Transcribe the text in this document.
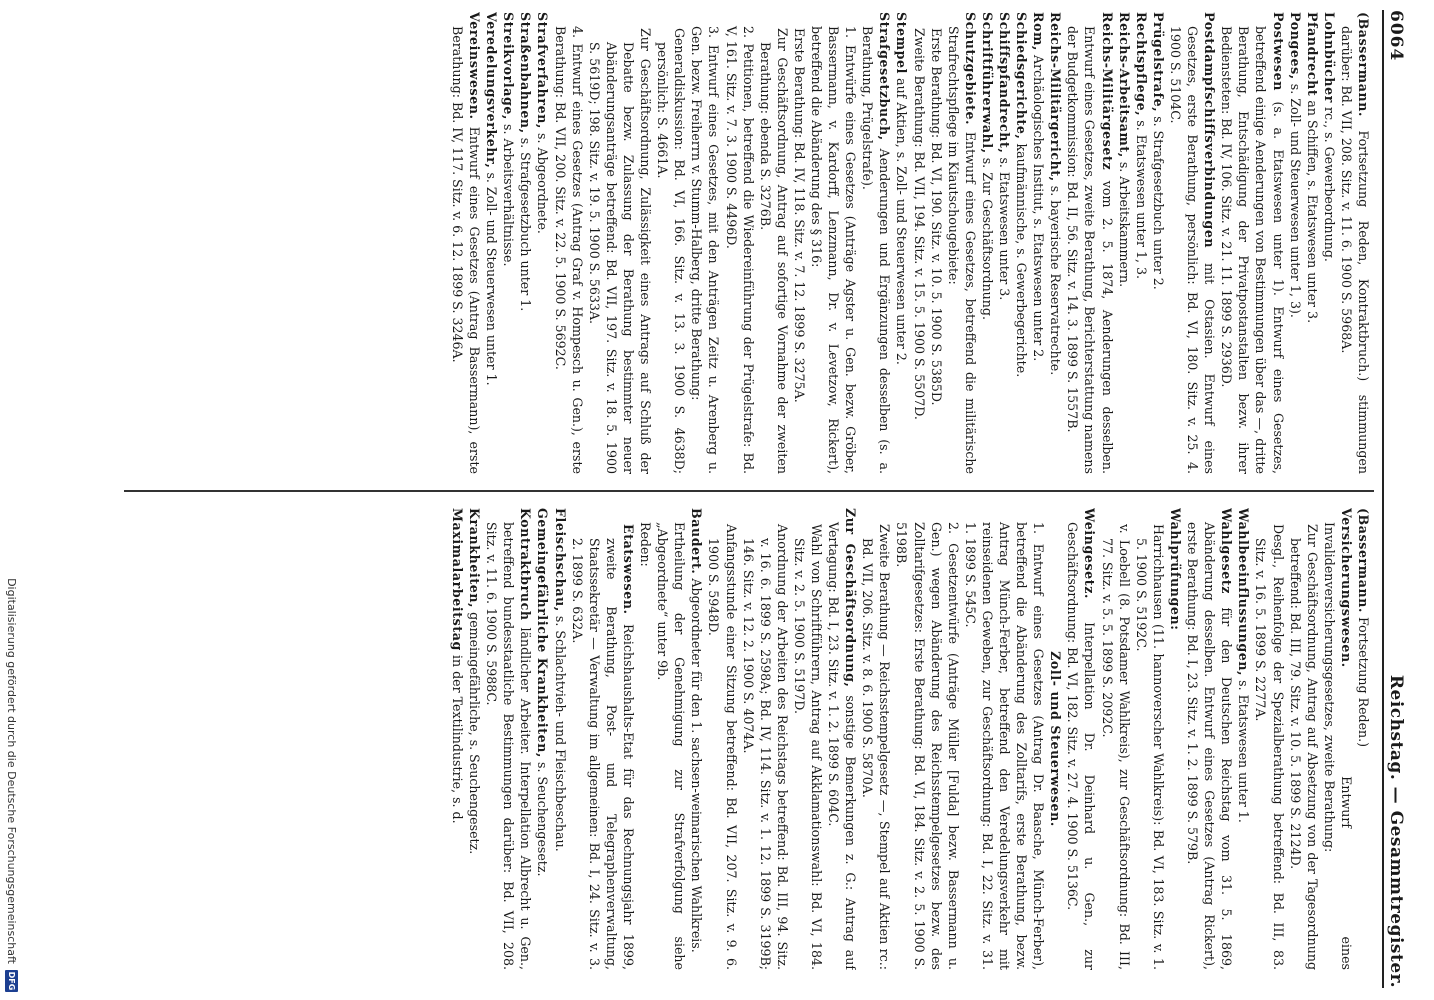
6064
Reichstag. — Gesammtregister.

(Bassermann. Fortsetzung Reden, Kontraktbruch.) stimmungen darüber: Bd. VII, 208. Sitz. v. 11. 6. 1900 S. 5968A.

Lohnbücher rc., s. Gewerbeordnung.

Pfandrecht an Schiffen, s. Etatswesen unter 3.

Pongees, s. Zoll- und Steuerwesen unter 1, 3).

Postwesen (s. a. Etatswesen unter 1). Entwurf eines Gesetzes, betreffend einige Aenderungen von Bestimmungen über das —, dritte Berathung, Entschädigung der Privatpostanstalten bezw. ihrer Bediensteten: Bd. IV, 106. Sitz. v. 21. 11. 1899 S. 2936D.

Postdampfschiffsverbindungen mit Ostasien. Entwurf eines Gesetzes, erste Berathung, persönlich: Bd. VI, 180. Sitz. v. 25. 4. 1900 S. 5104C.

Prügelstrafe, s. Strafgesetzbuch unter 2.

Rechtspflege, s. Etatswesen unter 1, 3.

Reichs-Arbeitsamt, s. Arbeitskammern.

Reichs-Militärgesetz vom 2. 5. 1874, Aenderungen desselben. Entwurf eines Gesetzes, zweite Berathung, Berichterstattung namens der Budgetkommission: Bd. II, 56. Sitz. v. 14. 3. 1899 S. 1557B.

Reichs-Militärgericht, s. bayerische Reservatrechte.

Rom, Archäologisches Institut, s. Etatswesen unter 2.

Schiedsgerichte, kaufmännische, s. Gewerbegerichte.

Schiffspfandrecht, s. Etatswesen unter 3.

Schriftführerwahl, s. Zur Geschäftsordnung.

Schutzgebiete. Entwurf eines Gesetzes, betreffend die militärische Strafrechtspflege im Kiautschougebiete:

Erste Berathung: Bd. VI, 190. Sitz. v. 10. 5. 1900 S. 5385D.

Zweite Berathung: Bd. VII, 194. Sitz. v. 15. 5. 1900 S. 5507D.

Stempel auf Aktien, s. Zoll- und Steuerwesen unter 2.

Strafgesetzbuch, Aenderungen und Ergänzungen desselben (s. a. Berathung, Prügelstrafe).

1. Entwürfe eines Gesetzes (Anträge Agster u. Gen. bezw. Gröber, Bassermann, v. Kardorff, Lenzmann, Dr. v. Levetzow, Rickert), betreffend die Abänderung des § 316:

Erste Berathung: Bd. IV, 118. Sitz. v. 7. 12. 1899 S. 3275A.

Zur Geschäftsordnung, Antrag auf sofortige Vornahme der zweiten Berathung: ebenda S. 3276B.

2. Petitionen, betreffend die Wiedereinführung der Prügelstrafe: Bd. V, 161. Sitz. v. 7. 3. 1900 S. 4496D.

3. Entwurf eines Gesetzes, mit den Anträgen Zeitz u. Arenberg u. Gen. bezw. Freiherrn v. Stumm-Halberg, dritte Berathung:

Generaldiskussion: Bd. VI, 166. Sitz. v. 13. 3. 1900 S. 4638D; persönlich: S. 4661A.

Zur Geschäftsordnung, Zulässigkeit eines Antrags auf Schluß der Debatte bezw. Zulassung der Berathung bestimmter neuer Abänderungsanträge betreffend: Bd. VII, 197. Sitz. v. 18. 5. 1900 S. 5619D; 198. Sitz. v. 19. 5. 1900 S. 5633A.

4. Entwurf eines Gesetzes (Antrag Graf v. Hompesch u. Gen.), erste Berathung: Bd. VII, 200. Sitz. v. 22. 5. 1900 S. 5692C.

Strafverfahren, s. Abgeordnete.

Straßenbahnen, s. Strafgesetzbuch unter 1.

Streikvorlage, s. Arbeitsverhältnisse.

Veredelungsverkehr, s. Zoll- und Steuerwesen unter 1.

Vereinswesen. Entwurf eines Gesetzes (Antrag Bassermann), erste Berathung: Bd. IV, 117. Sitz. v. 6. 12. 1899 S. 3246A.

(Bassermann. Fortsetzung Reden.)

Versicherungswesen. Entwurf eines Invalidenversicherungsgesetzes, zweite Berathung:

Zur Geschäftsordnung, Antrag auf Absetzung von der Tagesordnung betreffend: Bd. III, 79. Sitz. v. 10. 5. 1899 S. 2124D.

Desgl., Reihenfolge der Spezialberathung betreffend: Bd. III, 83. Sitz. v. 16. 5. 1899 S. 2277A.

Wahlbeeinflussungen, s. Etatswesen unter 1.

Wahlgesetz für den Deutschen Reichstag vom 31. 5. 1869, Abänderung desselben. Entwurf eines Gesetzes (Antrag Rickert), erste Berathung: Bd. I, 23. Sitz. v. 1. 2. 1899 S. 579B.

Wahlprüfungen:

Harrichhausen (11. hannoverscher Wahlkreis): Bd. VI, 183. Sitz. v. 1. 5. 1900 S. 5192C.

v. Loebell (8. Potsdamer Wahlkreis), zur Geschäftsordnung: Bd. III, 77. Sitz. v. 5. 5. 1899 S. 2092C.

Weingesetz. Interpellation Dr. Deinhard u. Gen., zur Geschäftsordnung: Bd. VI, 182. Sitz. v. 27. 4. 1900 S. 5136C.

Zoll- und Steuerwesen.

1. Entwurf eines Gesetzes (Antrag Dr. Baasche, Münch-Ferber), betreffend die Abänderung des Zolltarifs, erste Berathung, bezw. Antrag Münch-Ferber, betreffend den Veredelungsverkehr mit reinseidenen Geweben, zur Geschäftsordnung: Bd. I, 22. Sitz. v. 31. 1. 1899 S. 545C.

2. Gesetzentwürfe (Anträge Müller [Fulda] bezw. Bassermann u. Gen.) wegen Abänderung des Reichsstempelgesetzes bezw. des Zolltarifgesetzes: Erste Berathung: Bd. VI, 184. Sitz. v. 2. 5. 1900 S. 5198B.

Zweite Berathung — Reichsstempelgesetz —, Stempel auf Aktien rc.: Bd. VII, 206. Sitz. v. 8. 6. 1900 S. 5870A.

Zur Geschäftsordnung, sonstige Bemerkungen z. G.: Antrag auf Vertagung: Bd. I, 23. Sitz. v. 1. 2. 1899 S. 604C.

Wahl von Schriftführern, Antrag auf Akklamationswahl: Bd. VI, 184. Sitz. v. 2. 5. 1900 S. 5197D.

Anordnung der Arbeiten des Reichstags betreffend: Bd. III, 94. Sitz. v. 16. 6. 1899 S. 2598A; Bd. IV, 114. Sitz. v. 1. 12. 1899 S. 3199B; 146. Sitz. v. 12. 2. 1900 S. 4074A.

Anfangsstunde einer Sitzung betreffend: Bd. VII, 207. Sitz. v. 9. 6. 1900 S. 5948D.

Baudert. Abgeordneter für den 1. sachsen-weimarischen Wahlkreis.

Ertheilung der Genehmigung zur Strafverfolgung siehe „Abgeordnete“ unter 9b.

Reden:

Etatswesen. Reichshaushalts-Etat für das Rechnungsjahr 1899, zweite Berathung, Post- und Telegraphenverwaltung, Staatssekretär — Verwaltung im allgemeinen: Bd. I, 24. Sitz. v. 3. 2. 1899 S. 632A.

Fleischschau, s. Schlachtvieh- und Fleischbeschau.

Gemeingefährliche Krankheiten, s. Seuchengesetz.

Kontraktbruch ländlicher Arbeiter. Interpellation Albrecht u. Gen., betreffend bundesstaatliche Bestimmungen darüber: Bd. VII, 208. Sitz. v. 11. 6. 1900 S. 5988C.

Krankheiten, gemeingefährliche, s. Seuchengesetz.

Maximalarbeitstag in der Textilindustrie, s. d.

Digitalisierung gefördert durch die Deutsche Forschungsgemeinschaft
DFG
